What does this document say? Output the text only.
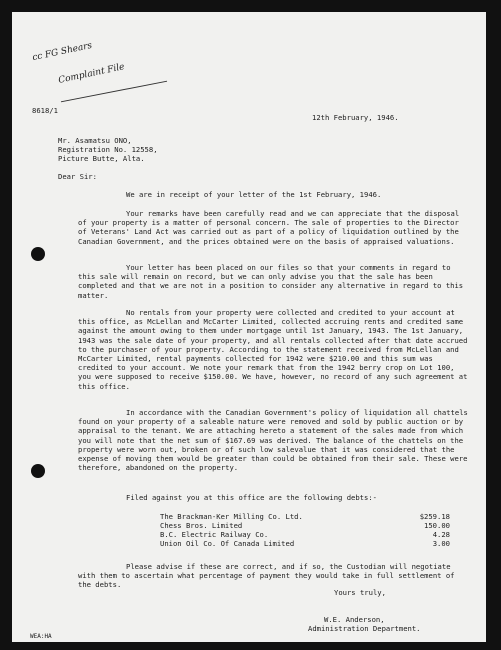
cc FG Shears
Complaint File
8618/1
12th February, 1946.
Mr. Asamatsu ONO,
Registration No. 12558,
Picture Butte, Alta.
Dear Sir:
We are in receipt of your letter of the 1st February, 1946.
Your remarks have been carefully read and we can appreciate that the disposal of your property is a matter of personal concern. The sale of properties to the Director of Veterans' Land Act was carried out as part of a policy of liquidation outlined by the Canadian Government, and the prices obtained were on the basis of appraised valuations.
Your letter has been placed on our files so that your comments in regard to this sale will remain on record, but we can only advise you that the sale has been completed and that we are not in a position to consider any alternative in regard to this matter.
No rentals from your property were collected and credited to your account at this office, as McLellan and McCarter Limited, collected accruing rents and credited same against the amount owing to them under mortgage until 1st January, 1943. The 1st January, 1943 was the sale date of your property, and all rentals collected after that date accrued to the purchaser of your property. According to the statement received from McLellan and McCarter Limited, rental payments collected for 1942 were $210.00 and this sum was credited to your account. We note your remark that from the 1942 berry crop on Lot 100, you were supposed to receive $150.00. We have, however, no record of any such agreement at this office.
In accordance with the Canadian Government's policy of liquidation all chattels found on your property of a saleable nature were removed and sold by public auction or by appraisal to the tenant. We are attaching hereto a statement of the sales made from which you will note that the net sum of $167.69 was derived. The balance of the chattels on the property were worn out, broken or of such low salevalue that it was considered that the expense of moving them would be greater than could be obtained from their sale. These were therefore, abandoned on the property.
Filed against you at this office are the following debts:-
The Brackman-Ker Milling Co. Ltd.	$259.18
Chess Bros. Limited	150.00
B.C. Electric Railway Co.	4.28
Union Oil Co. Of Canada Limited	3.00
Please advise if these are correct, and if so, the Custodian will negotiate with them to ascertain what percentage of payment they would take in full settlement of the debts.
Yours truly,
W.E. Anderson,
Administration Department.
WEA:HA
